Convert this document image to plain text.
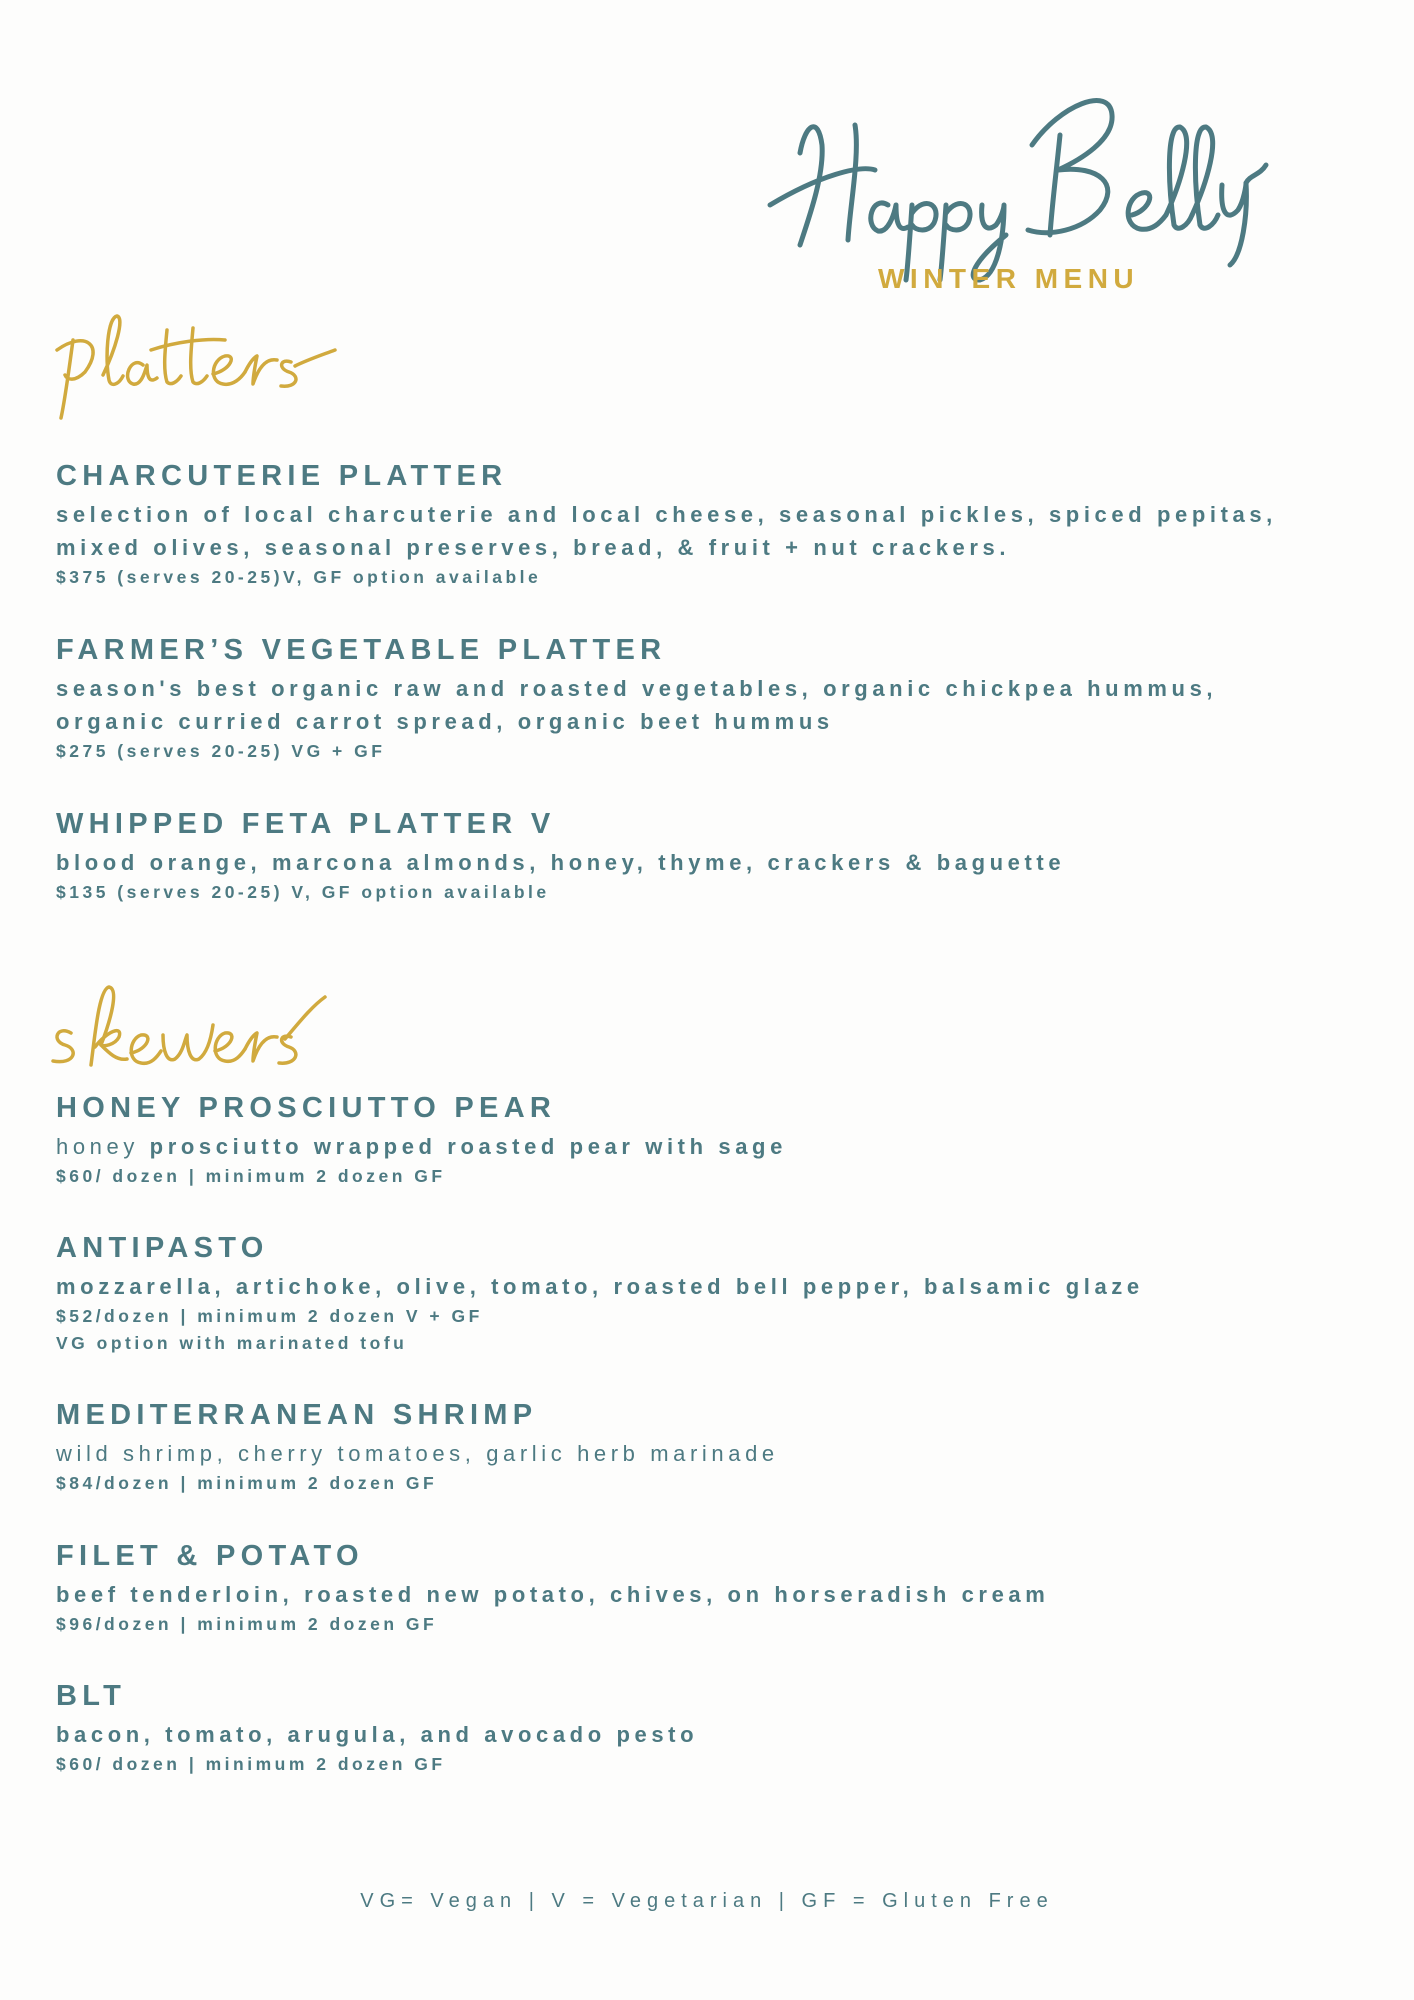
WINTER MENU
CHARCUTERIE PLATTER
selection of local charcuterie and local cheese, seasonal pickles, spiced pepitas,
mixed olives, seasonal preserves, bread, & fruit + nut crackers.
$375 (serves 20-25)V, GF option available
FARMER’S VEGETABLE PLATTER
season's best organic raw and roasted vegetables, organic chickpea hummus,
organic curried carrot spread, organic beet hummus
$275 (serves 20-25) VG + GF
WHIPPED FETA PLATTER V
blood orange, marcona almonds, honey, thyme, crackers & baguette
$135 (serves 20-25) V, GF option available
HONEY PROSCIUTTO PEAR
honey prosciutto wrapped roasted pear with sage
$60/ dozen | minimum 2 dozen GF
ANTIPASTO
mozzarella, artichoke, olive, tomato, roasted bell pepper, balsamic glaze
$52/dozen | minimum 2 dozen V + GF
VG option with marinated tofu
MEDITERRANEAN SHRIMP
wild shrimp, cherry tomatoes, garlic herb marinade
$84/dozen | minimum 2 dozen GF
FILET & POTATO
beef tenderloin, roasted new potato, chives, on horseradish cream
$96/dozen | minimum 2 dozen GF
BLT
bacon, tomato, arugula, and avocado pesto
$60/ dozen | minimum 2 dozen GF
VG= Vegan | V = Vegetarian | GF = Gluten Free
